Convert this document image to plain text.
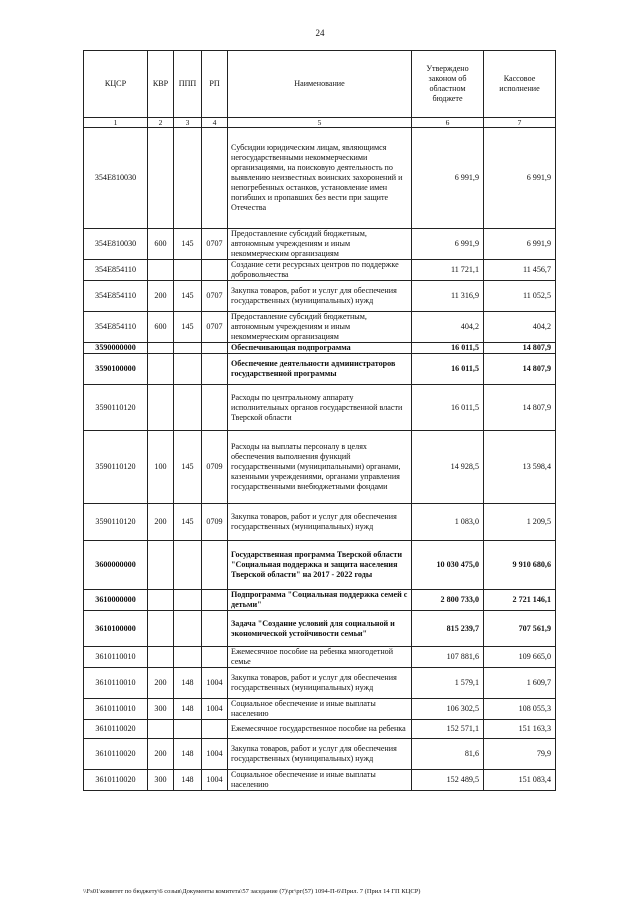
24
КЦСР	КВР	ППП	РП	Наименование	Утверждено законом об областном бюджете	Кассовое исполнение
1	2	3	4	5	6	7
354E810030				Субсидии юридическим лицам, являющимся негосударственными некоммерческими организациями, на поисковую деятельность по выявлению неизвестных воинских захоронений и непогребенных останков, установление имен погибших и пропавших без вести при защите Отечества	6 991,9	6 991,9
354E810030	600	145	0707	Предоставление субсидий бюджетным, автономным учреждениям и иным некоммерческим организациям	6 991,9	6 991,9
354E854110				Создание сети ресурсных центров по поддержке добровольчества	11 721,1	11 456,7
354E854110	200	145	0707	Закупка товаров, работ и услуг для обеспечения государственных (муниципальных) нужд	11 316,9	11 052,5
354E854110	600	145	0707	Предоставление субсидий бюджетным, автономным учреждениям и иным некоммерческим организациям	404,2	404,2
3590000000				Обеспечивающая подпрограмма	16 011,5	14 807,9
3590100000				Обеспечение деятельности администраторов государственной программы	16 011,5	14 807,9
3590110120				Расходы по центральному аппарату исполнительных органов государственной власти Тверской области	16 011,5	14 807,9
3590110120	100	145	0709	Расходы на выплаты персоналу в целях обеспечения выполнения функций государственными (муниципальными) органами, казенными учреждениями, органами управления государственными внебюджетными фондами	14 928,5	13 598,4
3590110120	200	145	0709	Закупка товаров, работ и услуг для обеспечения государственных (муниципальных) нужд	1 083,0	1 209,5
3600000000				Государственная программа Тверской области "Социальная поддержка и защита населения Тверской области" на 2017 - 2022 годы	10 030 475,0	9 910 680,6
3610000000				Подпрограмма "Социальная поддержка семей с детьми"	2 800 733,0	2 721 146,1
3610100000				Задача "Создание условий для социальной и экономической устойчивости семьи"	815 239,7	707 561,9
3610110010				Ежемесячное пособие на ребенка многодетной семье	107 881,6	109 665,0
3610110010	200	148	1004	Закупка товаров, работ и услуг для обеспечения государственных (муниципальных) нужд	1 579,1	1 609,7
3610110010	300	148	1004	Социальное обеспечение и иные выплаты населению	106 302,5	108 055,3
3610110020				Ежемесячное государственное пособие на ребенка	152 571,1	151 163,3
3610110020	200	148	1004	Закупка товаров, работ и услуг для обеспечения государственных (муниципальных) нужд	81,6	79,9
3610110020	300	148	1004	Социальное обеспечение и иные выплаты населению	152 489,5	151 083,4
\\Fs01\комитет по бюджету\6 созыв\Документы комитета\57 заседание (7)\рг\рг(57) 1094-П-6\Прил. 7 (Прил 14 ГП КЦСР)
